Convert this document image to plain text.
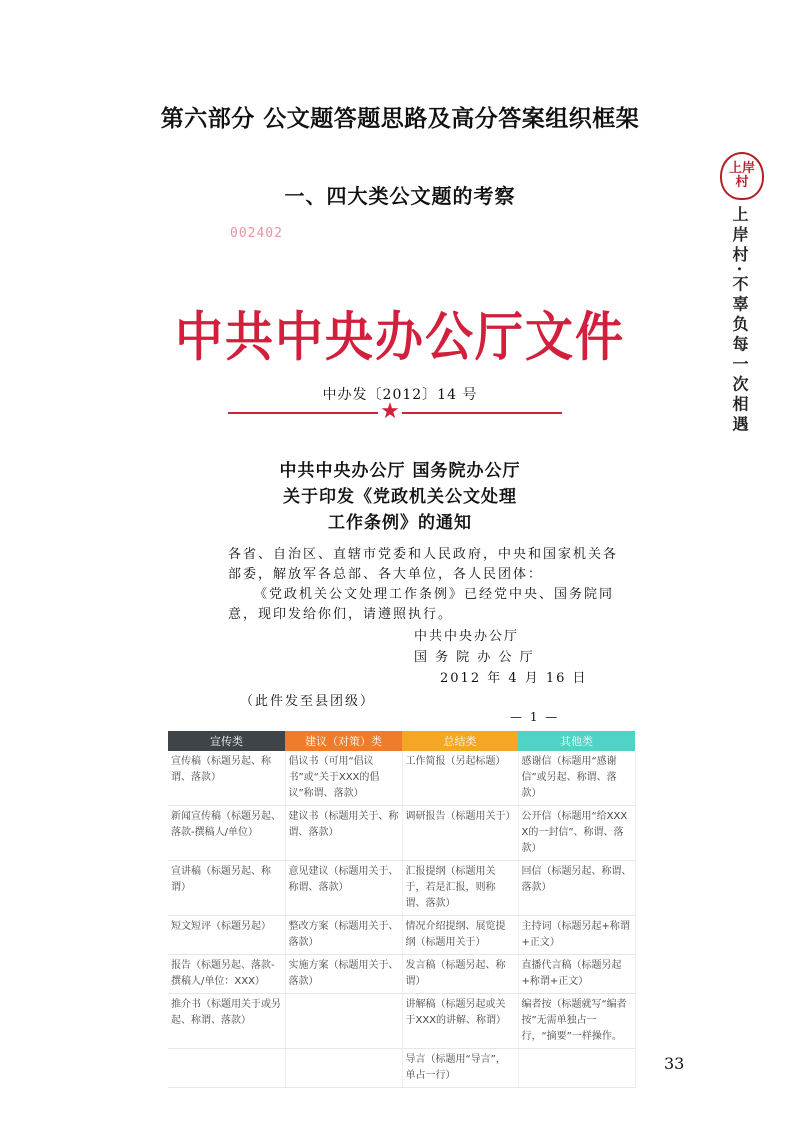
第六部分 公文题答题思路及高分答案组织框架
一、四大类公文题的考察
上岸村
上岸村·不辜负每一次相遇
002402
中共中央办公厅文件
中办发〔2012〕14 号
★
中共中央办公厅 国务院办公厅
关于印发《党政机关公文处理
工作条例》的通知
各省、自治区、直辖市党委和人民政府，中央和国家机关各
部委，解放军各总部、各大单位，各人民团体：
《党政机关公文处理工作条例》已经党中央、国务院同
意，现印发给你们，请遵照执行。
中共中央办公厅
国 务 院 办 公 厅
2012 年 4 月 16 日
（此件发至县团级）
— 1 —
宣传类	建议（对策）类	总结类	其他类
宣传稿（标题另起、称谓、落款）	倡议书（可用“倡议书”或“关于XXX的倡议”称谓、落款）	工作简报（另起标题）	感谢信（标题用“感谢信”或另起、称谓、落款）
新闻宣传稿（标题另起、落款-撰稿人/单位）	建议书（标题用关于、称谓、落款）	调研报告（标题用关于）	公开信（标题用“给XXXX的一封信”、称谓、落款）
宣讲稿（标题另起、称谓）	意见建议（标题用关于、称谓、落款）	汇报提纲（标题用关于，若是汇报，则称谓、落款）	回信（标题另起、称谓、落款）
短文短评（标题另起）	整改方案（标题用关于、落款）	情况介绍提纲、展览提纲（标题用关于）	主持词（标题另起+称谓+正文）
报告（标题另起、落款-撰稿人/单位：XXX）	实施方案（标题用关于、落款）	发言稿（标题另起、称谓）	直播代言稿（标题另起+称谓+正文）
推介书（标题用关于或另起、称谓、落款）		讲解稿（标题另起或关于XXX的讲解、称谓）	编者按（标题就写“编者按”无需单独占一行，“摘要”一样操作。
		导言（标题用“导言”，单占一行）	
33
